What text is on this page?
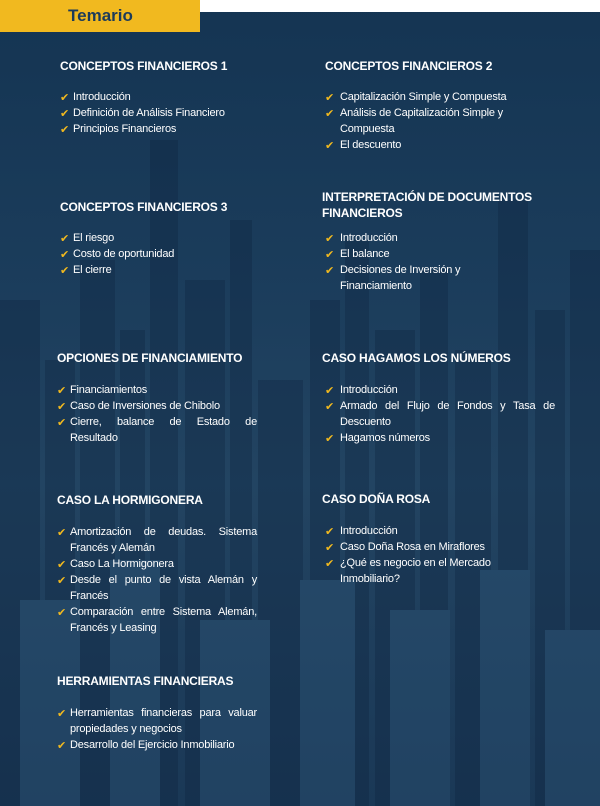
Temario
CONCEPTOS FINANCIEROS 1
✔ Introducción
✔ Definición de Análisis Financiero
✔ Principios Financieros
CONCEPTOS FINANCIEROS 2
✔ Capitalización Simple y Compuesta
✔ Análisis de Capitalización Simple y Compuesta
✔ El descuento
CONCEPTOS FINANCIEROS 3
✔ El riesgo
✔ Costo de oportunidad
✔ El cierre
INTERPRETACIÓN DE DOCUMENTOS FINANCIEROS
✔ Introducción
✔ El balance
✔ Decisiones de Inversión y Financiamiento
OPCIONES DE FINANCIAMIENTO
✔ Financiamientos
✔ Caso de Inversiones de Chibolo
✔ Cierre, balance de Estado de Resultado
CASO HAGAMOS LOS NÚMEROS
✔ Introducción
✔ Armado del Flujo de Fondos y Tasa de Descuento
✔ Hagamos números
CASO LA HORMIGONERA
✔ Amortización de deudas. Sistema Francés y Alemán
✔ Caso La Hormigonera
✔ Desde el punto de vista Alemán y Francés
✔ Comparación entre Sistema Alemán, Francés y Leasing
CASO DOÑA ROSA
✔ Introducción
✔ Caso Doña Rosa en Miraflores
✔ ¿Qué es negocio en el Mercado Inmobiliario?
HERRAMIENTAS FINANCIERAS
✔ Herramientas financieras para valuar propiedades y negocios
✔ Desarrollo del Ejercicio Inmobiliario
